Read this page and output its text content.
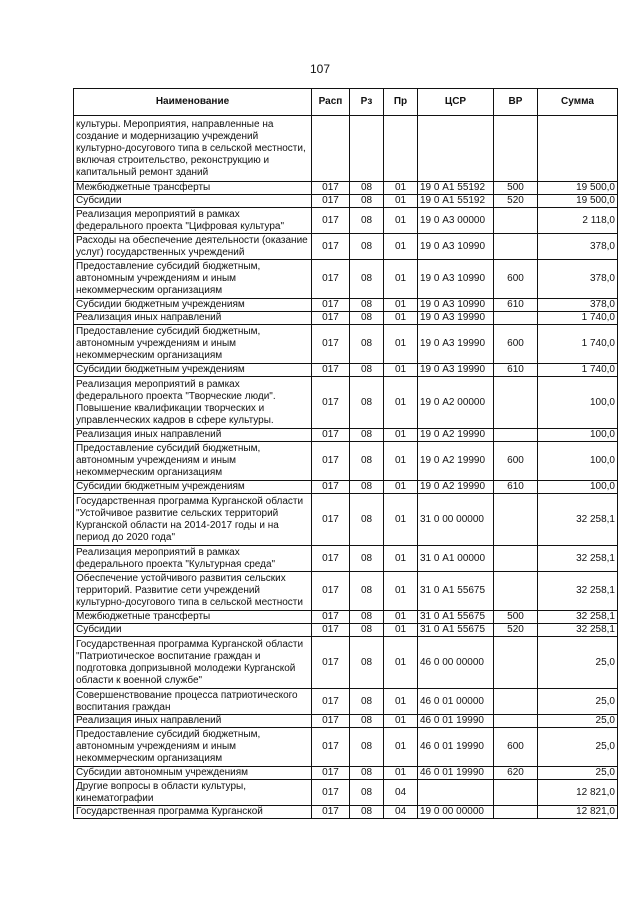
107
Наименование	Расп	Рз	Пр	ЦСР	ВР	Сумма
культуры. Мероприятия, направленные на создание и модернизацию учреждений культурно-досугового типа в сельской местности, включая строительство, реконструкцию и капитальный ремонт зданий						
Межбюджетные трансферты	017	08	01	19 0 А1 55192	500	19 500,0
Субсидии	017	08	01	19 0 А1 55192	520	19 500,0
Реализация мероприятий в рамках федерального проекта "Цифровая культура"	017	08	01	19 0 А3 00000		2 118,0
Расходы на обеспечение деятельности (оказание услуг) государственных учреждений	017	08	01	19 0 А3 10990		378,0
Предоставление субсидий бюджетным, автономным учреждениям и иным некоммерческим организациям	017	08	01	19 0 А3 10990	600	378,0
Субсидии бюджетным учреждениям	017	08	01	19 0 А3 10990	610	378,0
Реализация иных направлений	017	08	01	19 0 А3 19990		1 740,0
Предоставление субсидий бюджетным, автономным учреждениям и иным некоммерческим организациям	017	08	01	19 0 А3 19990	600	1 740,0
Субсидии бюджетным учреждениям	017	08	01	19 0 А3 19990	610	1 740,0
Реализация мероприятий в рамках федерального проекта "Творческие люди". Повышение квалификации творческих и управленческих кадров в сфере культуры.	017	08	01	19 0 А2 00000		100,0
Реализация иных направлений	017	08	01	19 0 А2 19990		100,0
Предоставление субсидий бюджетным, автономным учреждениям и иным некоммерческим организациям	017	08	01	19 0 А2 19990	600	100,0
Субсидии бюджетным учреждениям	017	08	01	19 0 А2 19990	610	100,0
Государственная программа Курганской области "Устойчивое развитие сельских территорий Курганской области на 2014-2017 годы и на период до 2020 года"	017	08	01	31 0 00 00000		32 258,1
Реализация мероприятий в рамках федерального проекта "Культурная среда"	017	08	01	31 0 А1 00000		32 258,1
Обеспечение устойчивого развития сельских территорий. Развитие сети учреждений культурно-досугового типа в сельской местности	017	08	01	31 0 А1 55675		32 258,1
Межбюджетные трансферты	017	08	01	31 0 А1 55675	500	32 258,1
Субсидии	017	08	01	31 0 А1 55675	520	32 258,1
Государственная программа Курганской области "Патриотическое воспитание граждан и подготовка допризывной молодежи Курганской области к военной службе"	017	08	01	46 0 00 00000		25,0
Совершенствование процесса патриотического воспитания граждан	017	08	01	46 0 01 00000		25,0
Реализация иных направлений	017	08	01	46 0 01 19990		25,0
Предоставление субсидий бюджетным, автономным учреждениям и иным некоммерческим организациям	017	08	01	46 0 01 19990	600	25,0
Субсидии автономным учреждениям	017	08	01	46 0 01 19990	620	25,0
Другие вопросы в области культуры, кинематографии	017	08	04			12 821,0
Государственная программа Курганской	017	08	04	19 0 00 00000		12 821,0
